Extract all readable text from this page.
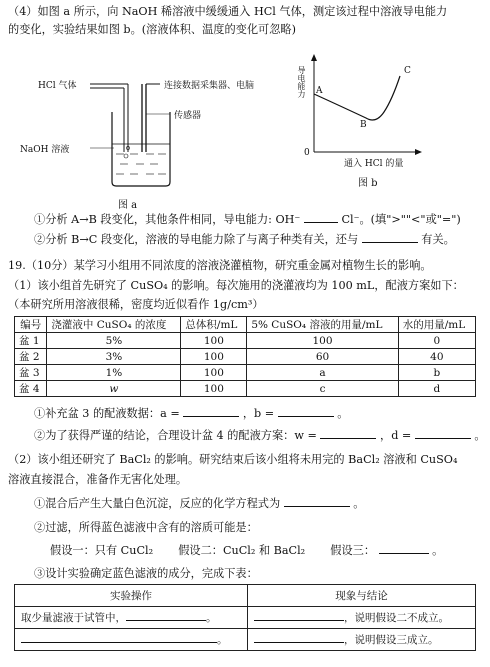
（4）如图 a 所示，向 NaOH 稀溶液中缓缓通入 HCl 气体，测定该过程中溶液导电能力
的变化，实验结果如图 b。(溶液体积、温度的变化可忽略)
HCl 气体	连接数据采集器、电脑
传感器
NaOH 溶液
图 a
导电能力 A
B
C
0
通入 HCl 的量
图 b
①分析 A→B 段变化，其他条件相同，导电能力: OH⁻	Cl⁻。(填">""<"或"=")
②分析 B→C 段变化，溶液的导电能力除了与离子种类有关，还与	有关。
19.（10分）某学习小组用不同浓度的溶液浇灌植物，研究重金属对植物生长的影响。
（1）该小组首先研究了 CuSO₄ 的影响。每次施用的浇灌液均为 100 mL，配液方案如下：
（本研究所用溶液很稀，密度均近似看作 1g/cm³）
编号	浇灌液中 CuSO₄ 的浓度	总体积/mL	5% CuSO₄ 溶液的用量/mL	水的用量/mL
盆 1	5%	100	100	0
盆 2	3%	100	60	40
盆 3	1%	100	a	b
盆 4	w	100	c	d
①补充盆 3 的配液数据：a =	，b =	。
②为了获得严谨的结论，合理设计盆 4 的配液方案：w =	，d =	。
（2）该小组还研究了 BaCl₂ 的影响。研究结束后该小组将未用完的 BaCl₂ 溶液和 CuSO₄
溶液直接混合，准备作无害化处理。
①混合后产生大量白色沉淀，反应的化学方程式为	。
②过滤，所得蓝色滤液中含有的溶质可能是：
假设一：只有 CuCl₂ 假设二：CuCl₂ 和 BaCl₂ 假设三：	。
③设计实验确定蓝色滤液的成分，完成下表：
实验操作	现象与结论
取少量滤液于试管中， 。	，说明假设二不成立。
。	，说明假设三成立。
